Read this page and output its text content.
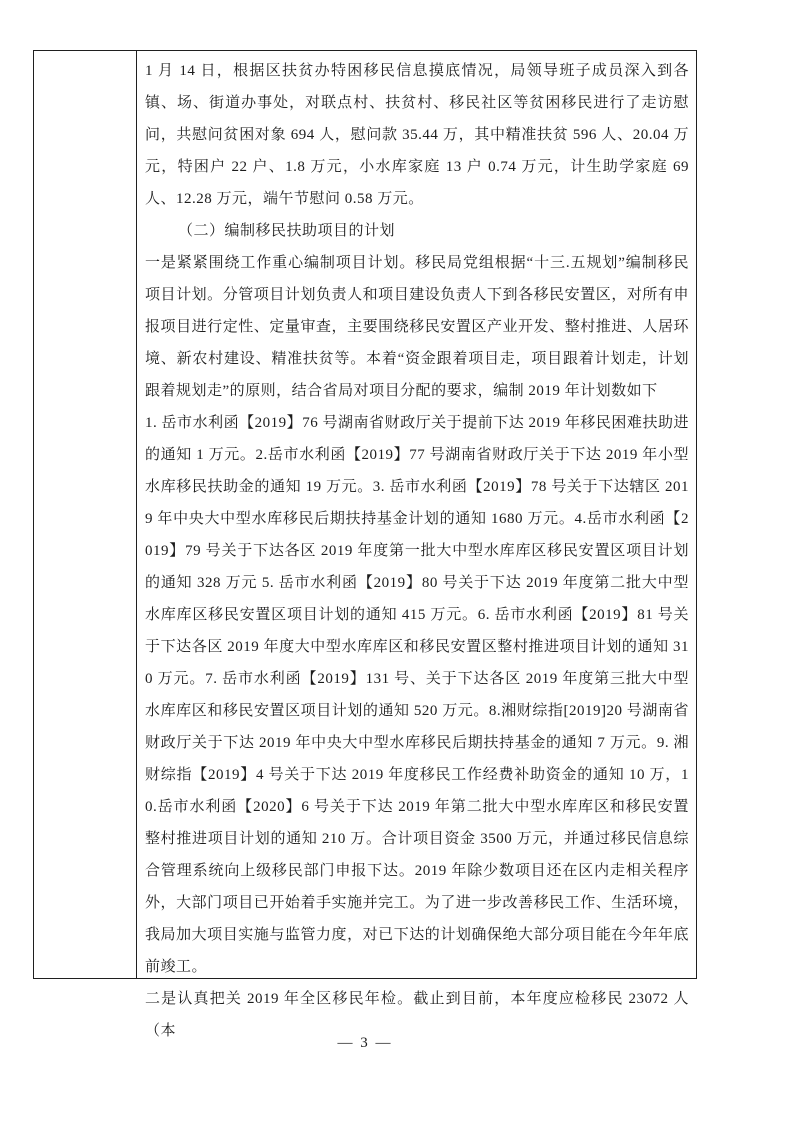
1 月 14 日，根据区扶贫办特困移民信息摸底情况，局领导班子成员深入到各镇、场、街道办事处，对联点村、扶贫村、移民社区等贫困移民进行了走访慰问，共慰问贫困对象 694 人，慰问款 35.44 万，其中精准扶贫 596 人、20.04 万元，特困户 22 户、1.8 万元，小水库家庭 13 户 0.74 万元，计生助学家庭 69 人、12.28 万元，端午节慰问 0.58 万元。

（二）编制移民扶助项目的计划

一是紧紧围绕工作重心编制项目计划。移民局党组根据“十三.五规划”编制移民项目计划。分管项目计划负责人和项目建设负责人下到各移民安置区，对所有申报项目进行定性、定量审查，主要围绕移民安置区产业开发、整村推进、人居环境、新农村建设、精准扶贫等。本着“资金跟着项目走，项目跟着计划走，计划跟着规划走”的原则，结合省局对项目分配的要求，编制 2019 年计划数如下

1. 岳市水利函【2019】76 号湖南省财政厅关于提前下达 2019 年移民困难扶助进的通知 1 万元。2.岳市水利函【2019】77 号湖南省财政厅关于下达 2019 年小型水库移民扶助金的通知 19 万元。3. 岳市水利函【2019】78 号关于下达辖区 2019 年中央大中型水库移民后期扶持基金计划的通知 1680 万元。4.岳市水利函【2019】79 号关于下达各区 2019 年度第一批大中型水库库区移民安置区项目计划的通知 328 万元 5. 岳市水利函【2019】80 号关于下达 2019 年度第二批大中型水库库区移民安置区项目计划的通知 415 万元。6. 岳市水利函【2019】81 号关于下达各区 2019 年度大中型水库库区和移民安置区整村推进项目计划的通知 310 万元。7. 岳市水利函【2019】131 号、关于下达各区 2019 年度第三批大中型水库库区和移民安置区项目计划的通知 520 万元。8.湘财综指[2019]20 号湖南省财政厅关于下达 2019 年中央大中型水库移民后期扶持基金的通知 7 万元。9. 湘财综指【2019】4 号关于下达 2019 年度移民工作经费补助资金的通知 10 万，10.岳市水利函【2020】6 号关于下达 2019 年第二批大中型水库库区和移民安置整村推进项目计划的通知 210 万。合计项目资金 3500 万元，并通过移民信息综合管理系统向上级移民部门申报下达。2019 年除少数项目还在区内走相关程序外，大部门项目已开始着手实施并完工。为了进一步改善移民工作、生活环境，我局加大项目实施与监管力度，对已下达的计划确保绝大部分项目能在今年年底前竣工。

二是认真把关 2019 年全区移民年检。截止到目前，本年度应检移民 23072 人（本

— 3 —
